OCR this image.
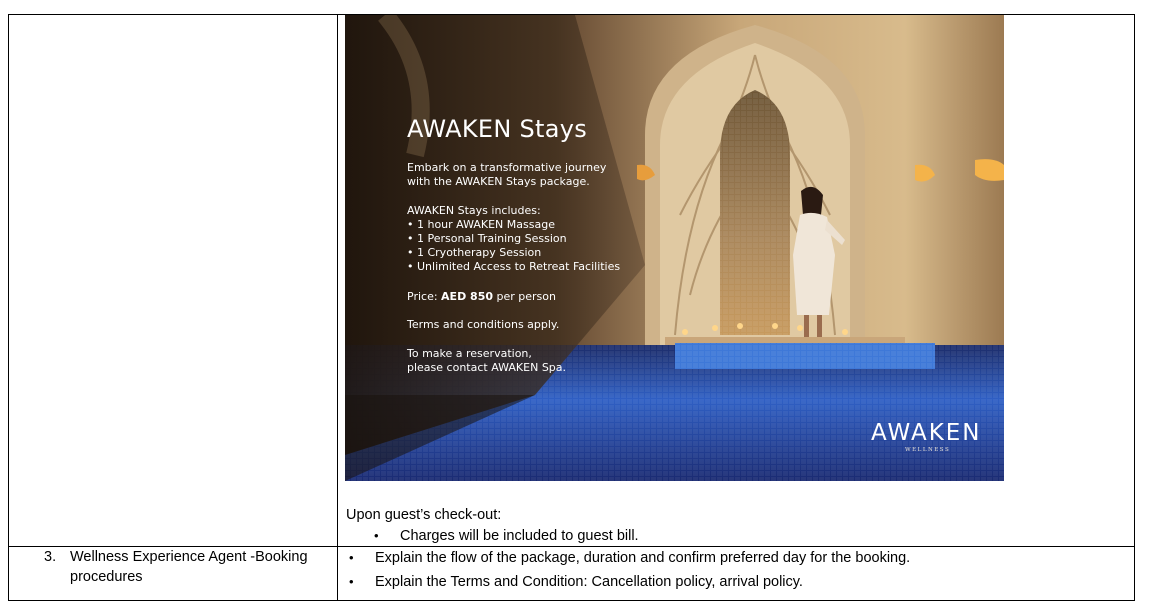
AWAKEN Stays
Embark on a transformative journey
with the AWAKEN Stays package.
AWAKEN Stays includes:
• 1 hour AWAKEN Massage
• 1 Personal Training Session
• 1 Cryotherapy Session
• Unlimited Access to Retreat Facilities
Price: AED 850 per person
Terms and conditions apply.
To make a reservation,
please contact AWAKEN Spa.
AWAKEN
WELLNESS
Upon guest’s check-out:
• Charges will be included to guest bill.
3. Wellness Experience Agent -Booking
procedures
• Explain the flow of the package, duration and confirm preferred day for the booking.
• Explain the Terms and Condition: Cancellation policy, arrival policy.
